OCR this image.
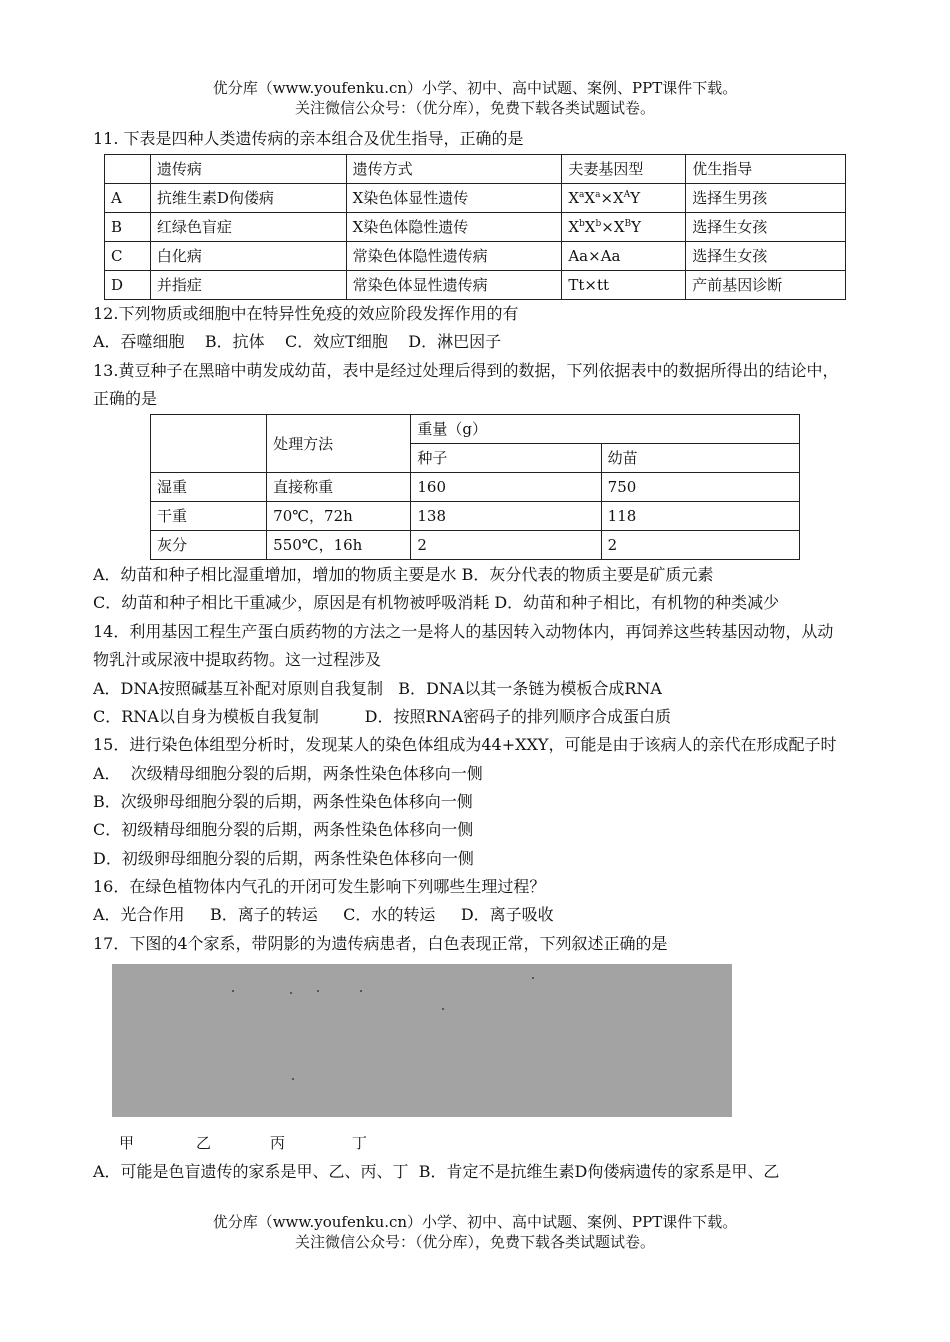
优分库（www.youfenku.cn）小学、初中、高中试题、案例、PPT课件下载。
关注微信公众号：（优分库），免费下载各类试题试卷。
11. 下表是四种人类遗传病的亲本组合及优生指导，正确的是
	遗传病	遗传方式	夫妻基因型	优生指导
A	抗维生素D佝偻病	X染色体显性遗传	$X^aX^a\times X^AY$	选择生男孩
B	红绿色盲症	X染色体隐性遗传	$X^bX^b\times X^BY$	选择生女孩
C	白化病	常染色体隐性遗传病	Aa×Aa	选择生女孩
D	并指症	常染色体显性遗传病	Tt×tt	产前基因诊断
12.下列物质或细胞中在特异性免疫的效应阶段发挥作用的有
A．吞噬细胞    B．抗体    C．效应T细胞    D．淋巴因子
13.黄豆种子在黑暗中萌发成幼苗，表中是经过处理后得到的数据，下列依据表中的数据所得出的结论中，
正确的是
	处理方法	重量（g）	
		种子	幼苗
湿重	直接称重	160	750
干重	70℃，72h	138	118
灰分	550℃，16h	2	2
A．幼苗和种子相比湿重增加，增加的物质主要是水 B．灰分代表的物质主要是矿质元素
C．幼苗和种子相比干重减少，原因是有机物被呼吸消耗 D．幼苗和种子相比，有机物的种类减少
14．利用基因工程生产蛋白质药物的方法之一是将人的基因转入动物体内，再饲养这些转基因动物，从动
物乳汁或尿液中提取药物。这一过程涉及
A．DNA按照碱基互补配对原则自我复制   B．DNA以其一条链为模板合成RNA
C．RNA以自身为模板自我复制         D．按照RNA密码子的排列顺序合成蛋白质
15．进行染色体组型分析时，发现某人的染色体组成为44+XXY，可能是由于该病人的亲代在形成配子时
A．  次级精母细胞分裂的后期，两条性染色体移向一侧
B．次级卵母细胞分裂的后期，两条性染色体移向一侧
C．初级精母细胞分裂的后期，两条性染色体移向一侧
D．初级卵母细胞分裂的后期，两条性染色体移向一侧
16．在绿色植物体内气孔的开闭可发生影响下列哪些生理过程？
A．光合作用     B．离子的转运     C．水的转运     D．离子吸收
17．下图的4个家系，带阴影的为遗传病患者，白色表现正常，下列叙述正确的是
甲	乙	丙	丁
A．可能是色盲遗传的家系是甲、乙、丙、丁  B．肯定不是抗维生素D佝偻病遗传的家系是甲、乙
优分库（www.youfenku.cn）小学、初中、高中试题、案例、PPT课件下载。
关注微信公众号：（优分库），免费下载各类试题试卷。
